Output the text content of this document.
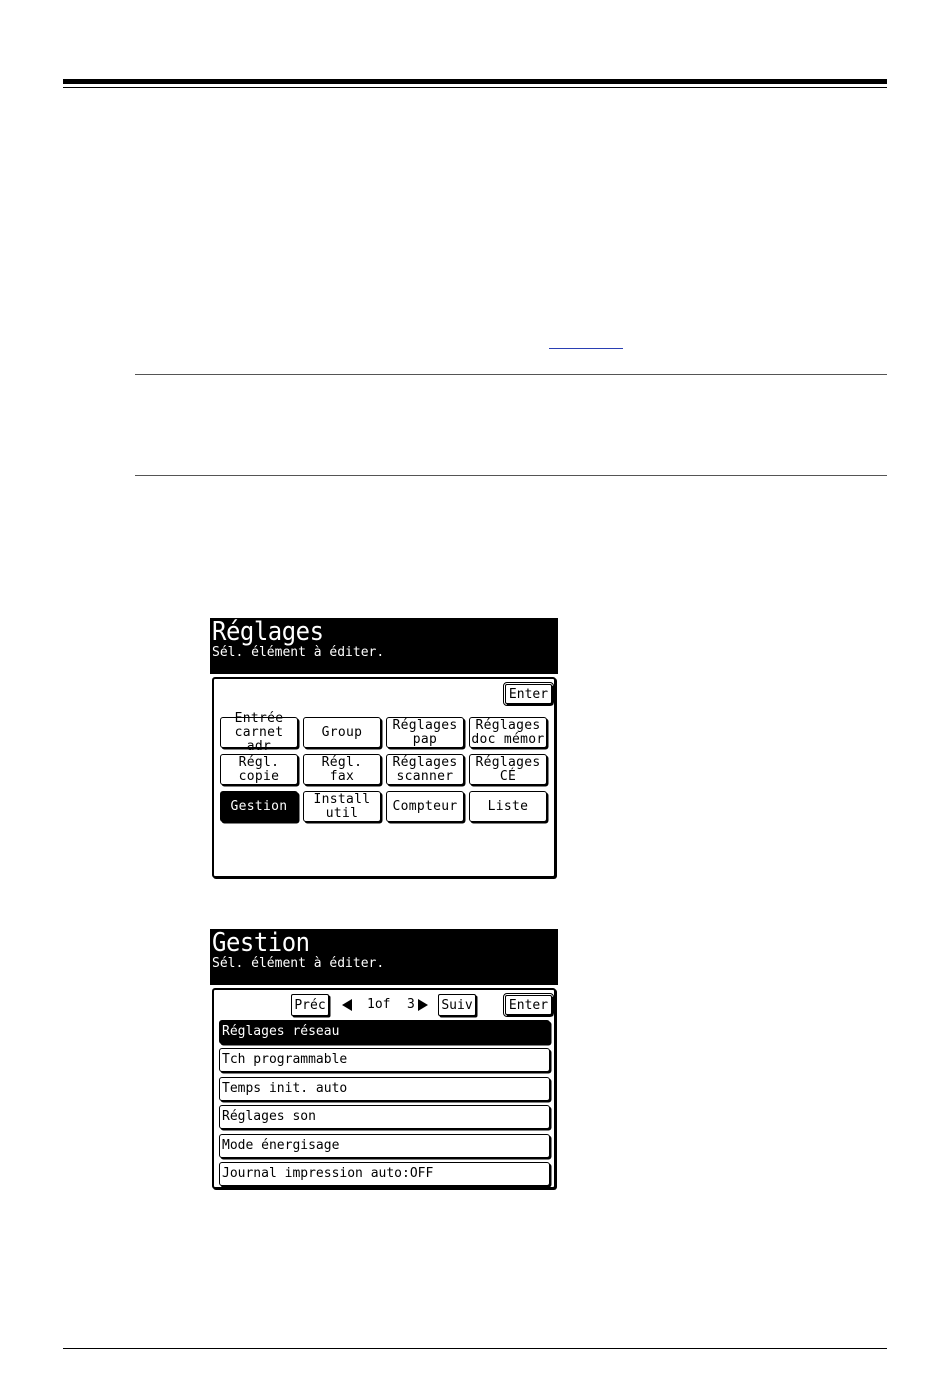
Réglages
Sél. élément à éditer.
Enter
Entrée
carnet adr
Group	Réglages
pap
Réglages
doc mémor
Régl.
copie
Régl.
fax
Réglages
scanner
Réglages
CÉ
Gestion	Install
util	Compteur	Liste
Gestion
Sél. élément à éditer.
Préc	1of 3 Suiv	Enter
Réglages réseau
Tch programmable
Temps init. auto
Réglages son
Mode énergisage
Journal impression auto:OFF
